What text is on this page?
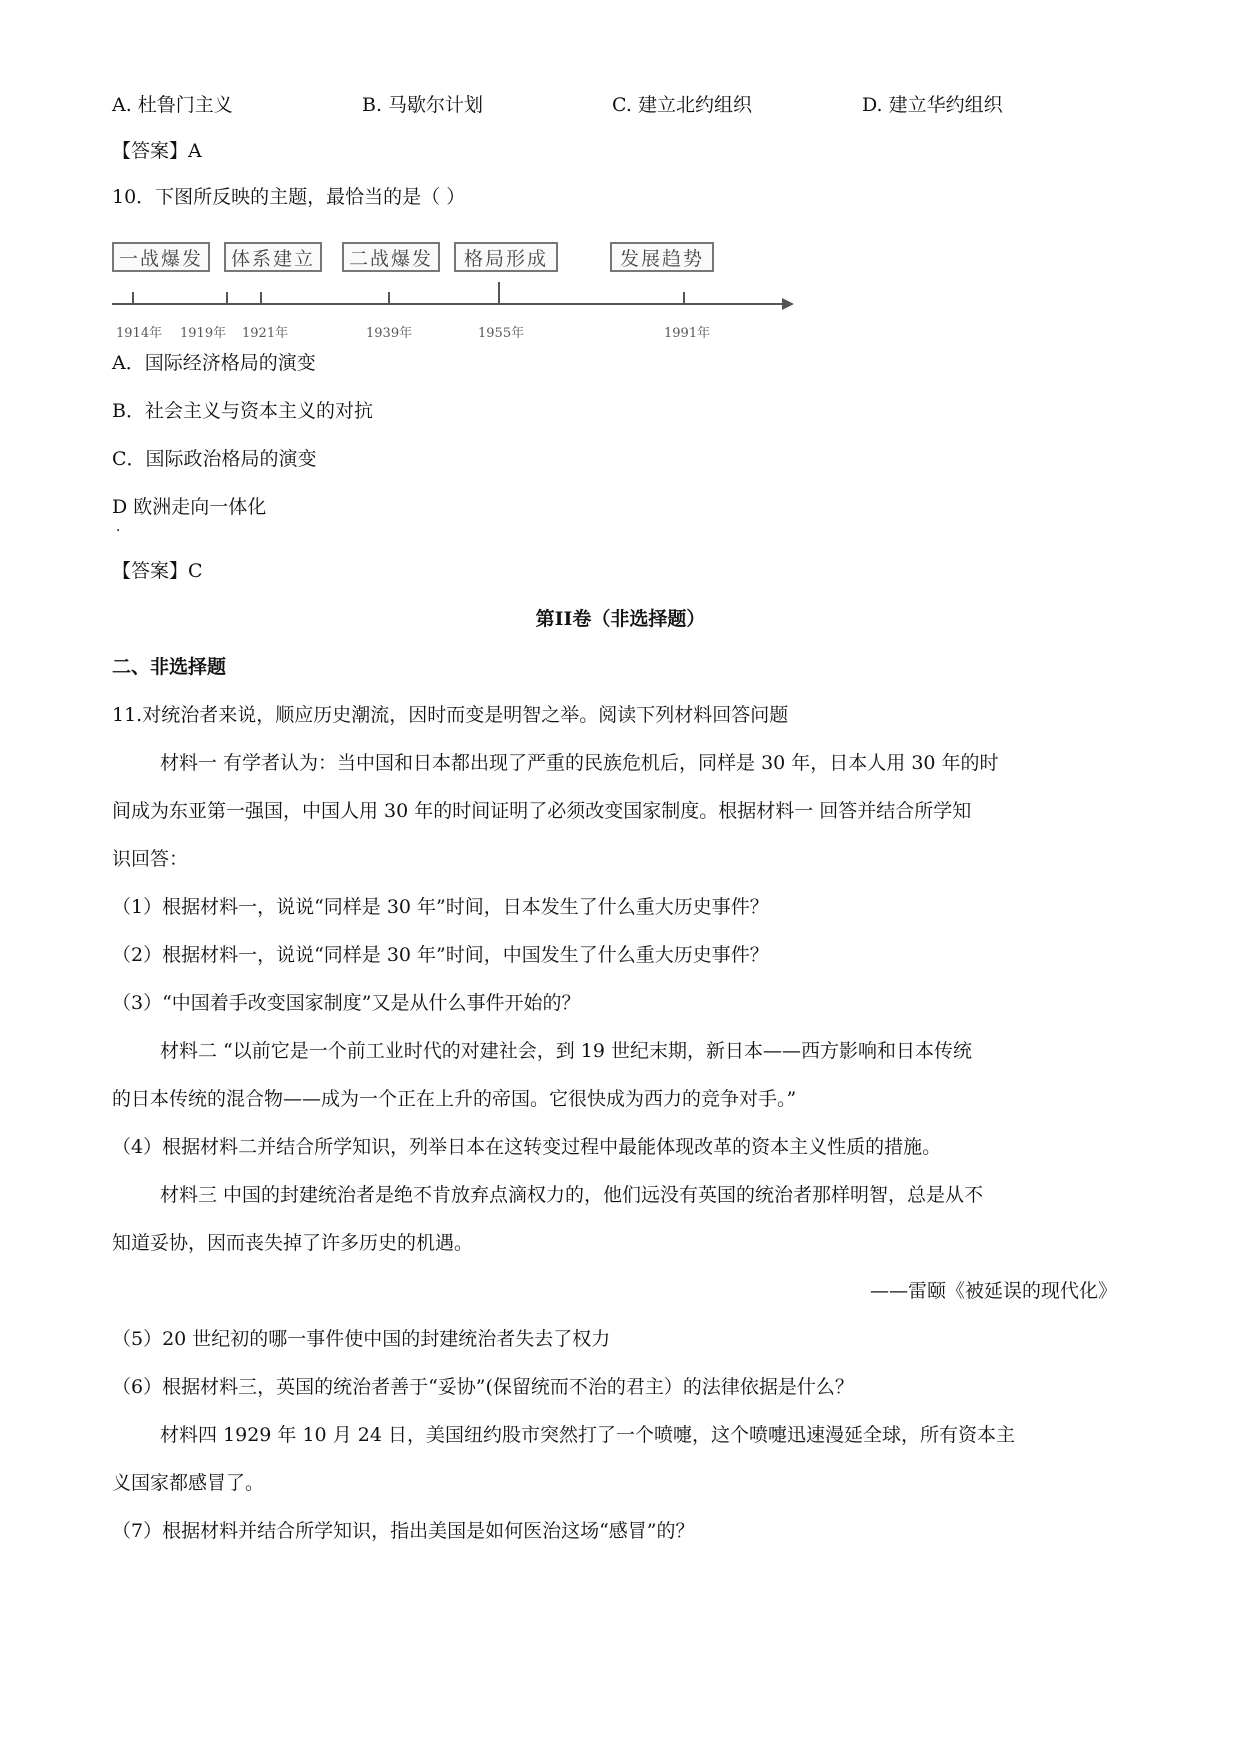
A. 杜鲁门主义	B. 马歇尔计划	C. 建立北约组织	D. 建立华约组织
【答案】A
10．下图所反映的主题，最恰当的是（ ）
一战爆发	体系建立	二战爆发	格局形成	发展趋势
1914年 1919年 1921年	1939年	1955年	1991年
A．国际经济格局的演变
B．社会主义与资本主义的对抗
C．国际政治格局的演变
D 欧洲走向一体化
．
【答案】C
第II卷（非选择题）
二、非选择题
11.对统治者来说，顺应历史潮流，因时而变是明智之举。阅读下列材料回答问题
材料一 有学者认为：当中国和日本都出现了严重的民族危机后，同样是 30 年，日本人用 30 年的时
间成为东亚第一强国，中国人用 30 年的时间证明了必须改变国家制度。根据材料一 回答并结合所学知
识回答：
（1）根据材料一，说说“同样是 30 年”时间，日本发生了什么重大历史事件？
（2）根据材料一，说说“同样是 30 年”时间，中国发生了什么重大历史事件？
（3）“中国着手改变国家制度”又是从什么事件开始的？
材料二 “以前它是一个前工业时代的对建社会，到 19 世纪末期，新日本——西方影响和日本传统
的日本传统的混合物——成为一个正在上升的帝国。它很快成为西力的竞争对手。”
（4）根据材料二并结合所学知识，列举日本在这转变过程中最能体现改革的资本主义性质的措施。
材料三 中国的封建统治者是绝不肯放弃点滴权力的，他们远没有英国的统治者那样明智，总是从不
知道妥协，因而丧失掉了许多历史的机遇。
——雷颐《被延误的现代化》
（5）20 世纪初的哪一事件使中国的封建统治者失去了权力
（6）根据材料三，英国的统治者善于“妥协”(保留统而不治的君主）的法律依据是什么？
材料四 1929 年 10 月 24 日，美国纽约股市突然打了一个喷嚏，这个喷嚏迅速漫延全球，所有资本主
义国家都感冒了。
（7）根据材料并结合所学知识，指出美国是如何医治这场“感冒”的？
